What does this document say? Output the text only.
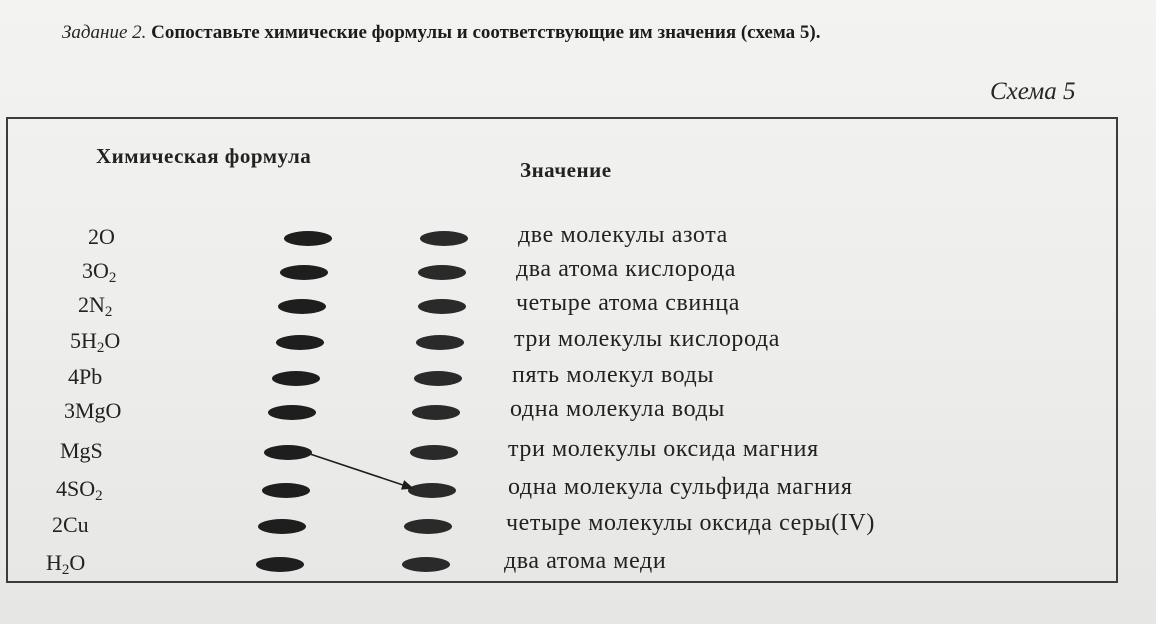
Задание 2. Сопоставьте химические формулы и соответствующие им значения (схема 5).
Схема 5
Химическая формула
Значение
2O
$3O_2$
$2N_2$
$5H_2O$
4Pb
3MgO
MgS
$4SO_2$
2Cu
$H_2O$
две молекулы азота
два атома кислорода
четыре атома свинца
три молекулы кислорода
пять молекул воды
одна молекула воды
три молекулы оксида магния
одна молекула сульфида магния
четыре молекулы оксида серы(IV)
два атома меди
